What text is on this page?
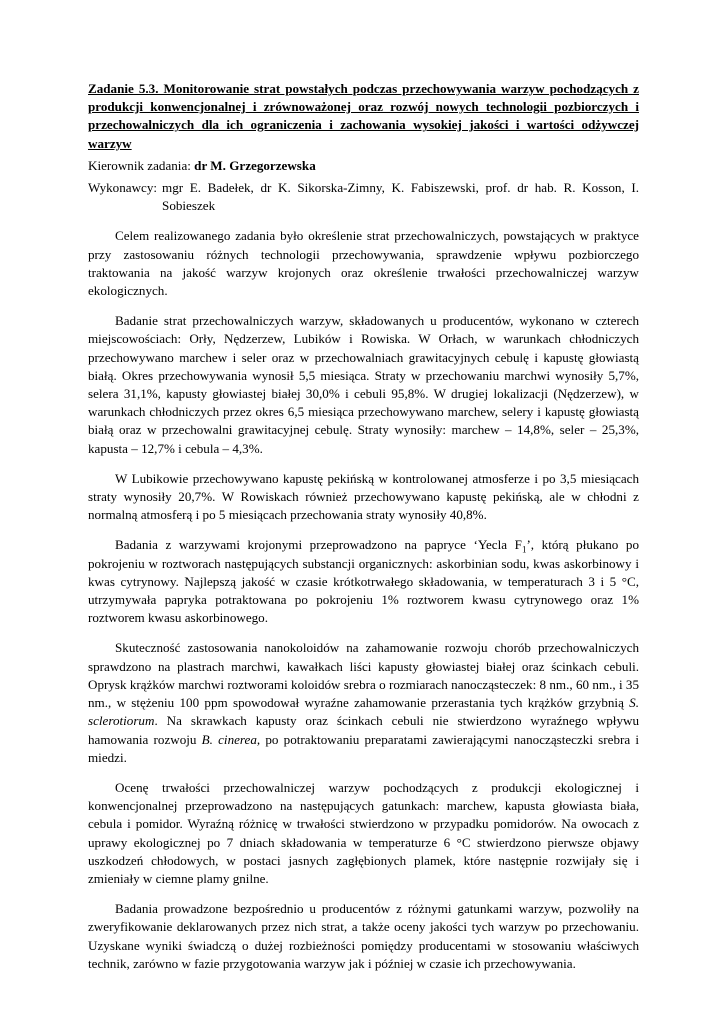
Zadanie 5.3. Monitorowanie strat powstałych podczas przechowywania warzyw pochodzących z produkcji konwencjonalnej i zrównoważonej oraz rozwój nowych technologii pozbiorczych i przechowalniczych dla ich ograniczenia i zachowania wysokiej jakości i wartości odżywczej warzyw
Kierownik zadania: dr M. Grzegorzewska
Wykonawcy: mgr E. Badełek, dr K. Sikorska-Zimny, K. Fabiszewski, prof. dr hab. R. Kosson, I. Sobieszek

Celem realizowanego zadania było określenie strat przechowalniczych, powstających w praktyce przy zastosowaniu różnych technologii przechowywania, sprawdzenie wpływu pozbiorczego traktowania na jakość warzyw krojonych oraz określenie trwałości przechowalniczej warzyw ekologicznych.

Badanie strat przechowalniczych warzyw, składowanych u producentów, wykonano w czterech miejscowościach: Orły, Nędzerzew, Lubików i Rowiska. W Orłach, w warunkach chłodniczych przechowywano marchew i seler oraz w przechowalniach grawitacyjnych cebulę i kapustę głowiastą białą. Okres przechowywania wynosił 5,5 miesiąca. Straty w przechowaniu marchwi wynosiły 5,7%, selera 31,1%, kapusty głowiastej białej 30,0% i cebuli 95,8%. W drugiej lokalizacji (Nędzerzew), w warunkach chłodniczych przez okres 6,5 miesiąca przechowywano marchew, selery i kapustę głowiastą białą oraz w przechowalni grawitacyjnej cebulę. Straty wynosiły: marchew – 14,8%, seler – 25,3%, kapusta – 12,7% i cebula – 4,3%.

W Lubikowie przechowywano kapustę pekińską w kontrolowanej atmosferze i po 3,5 miesiącach straty wynosiły 20,7%. W Rowiskach również przechowywano kapustę pekińską, ale w chłodni z normalną atmosferą i po 5 miesiącach przechowania straty wynosiły 40,8%.

Badania z warzywami krojonymi przeprowadzono na papryce ‘Yecla $F_1$’, którą płukano po pokrojeniu w roztworach następujących substancji organicznych: askorbinian sodu, kwas askorbinowy i kwas cytrynowy. Najlepszą jakość w czasie krótkotrwałego składowania, w temperaturach 3 i 5 °C, utrzymywała papryka potraktowana po pokrojeniu 1% roztworem kwasu cytrynowego oraz 1% roztworem kwasu askorbinowego.

Skuteczność zastosowania nanokoloidów na zahamowanie rozwoju chorób przechowalniczych sprawdzono na plastrach marchwi, kawałkach liści kapusty głowiastej białej oraz ścinkach cebuli. Oprysk krążków marchwi roztworami koloidów srebra o rozmiarach nanocząsteczek: 8 nm., 60 nm., i 35 nm., w stężeniu 100 ppm spowodował wyraźne zahamowanie przerastania tych krążków grzybnią S. sclerotiorum. Na skrawkach kapusty oraz ścinkach cebuli nie stwierdzono wyraźnego wpływu hamowania rozwoju B. cinerea, po potraktowaniu preparatami zawierającymi nanocząsteczki srebra i miedzi.

Ocenę trwałości przechowalniczej warzyw pochodzących z produkcji ekologicznej i konwencjonalnej przeprowadzono na następujących gatunkach: marchew, kapusta głowiasta biała, cebula i pomidor. Wyraźną różnicę w trwałości stwierdzono w przypadku pomidorów. Na owocach z uprawy ekologicznej po 7 dniach składowania w temperaturze 6 °C stwierdzono pierwsze objawy uszkodzeń chłodowych, w postaci jasnych zagłębionych plamek, które następnie rozwijały się i zmieniały w ciemne plamy gnilne.

Badania prowadzone bezpośrednio u producentów z różnymi gatunkami warzyw, pozwoliły na zweryfikowanie deklarowanych przez nich strat, a także oceny jakości tych warzyw po przechowaniu. Uzyskane wyniki świadczą o dużej rozbieżności pomiędzy producentami w stosowaniu właściwych technik, zarówno w fazie przygotowania warzyw jak i później w czasie ich przechowywania.
